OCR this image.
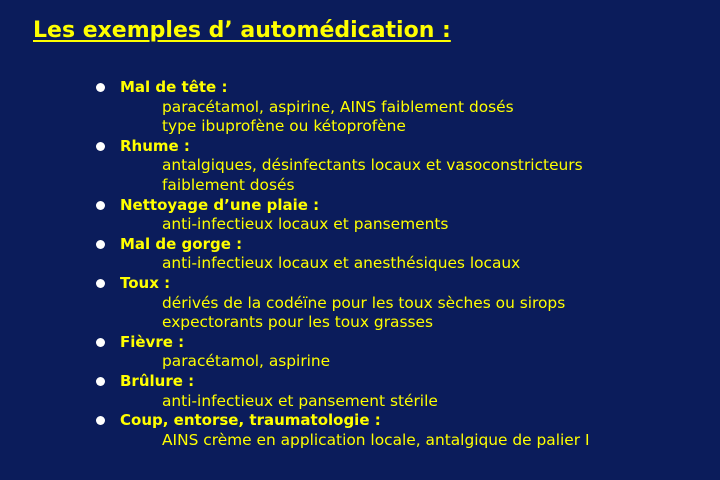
Les exemples d’ automédication :
Mal de tête :
paracétamol, aspirine, AINS faiblement dosés
type ibuprofène ou kétoprofène
Rhume :
antalgiques, désinfectants locaux et vasoconstricteurs
faiblement dosés
Nettoyage d’une plaie :
anti-infectieux locaux et pansements
Mal de gorge :
anti-infectieux locaux et anesthésiques locaux
Toux :
dérivés de la codéïne pour les toux sèches ou sirops
expectorants pour les toux grasses
Fièvre :
paracétamol, aspirine
Brûlure :
anti-infectieux et pansement stérile
Coup, entorse, traumatologie :
AINS crème en application locale, antalgique de palier I
